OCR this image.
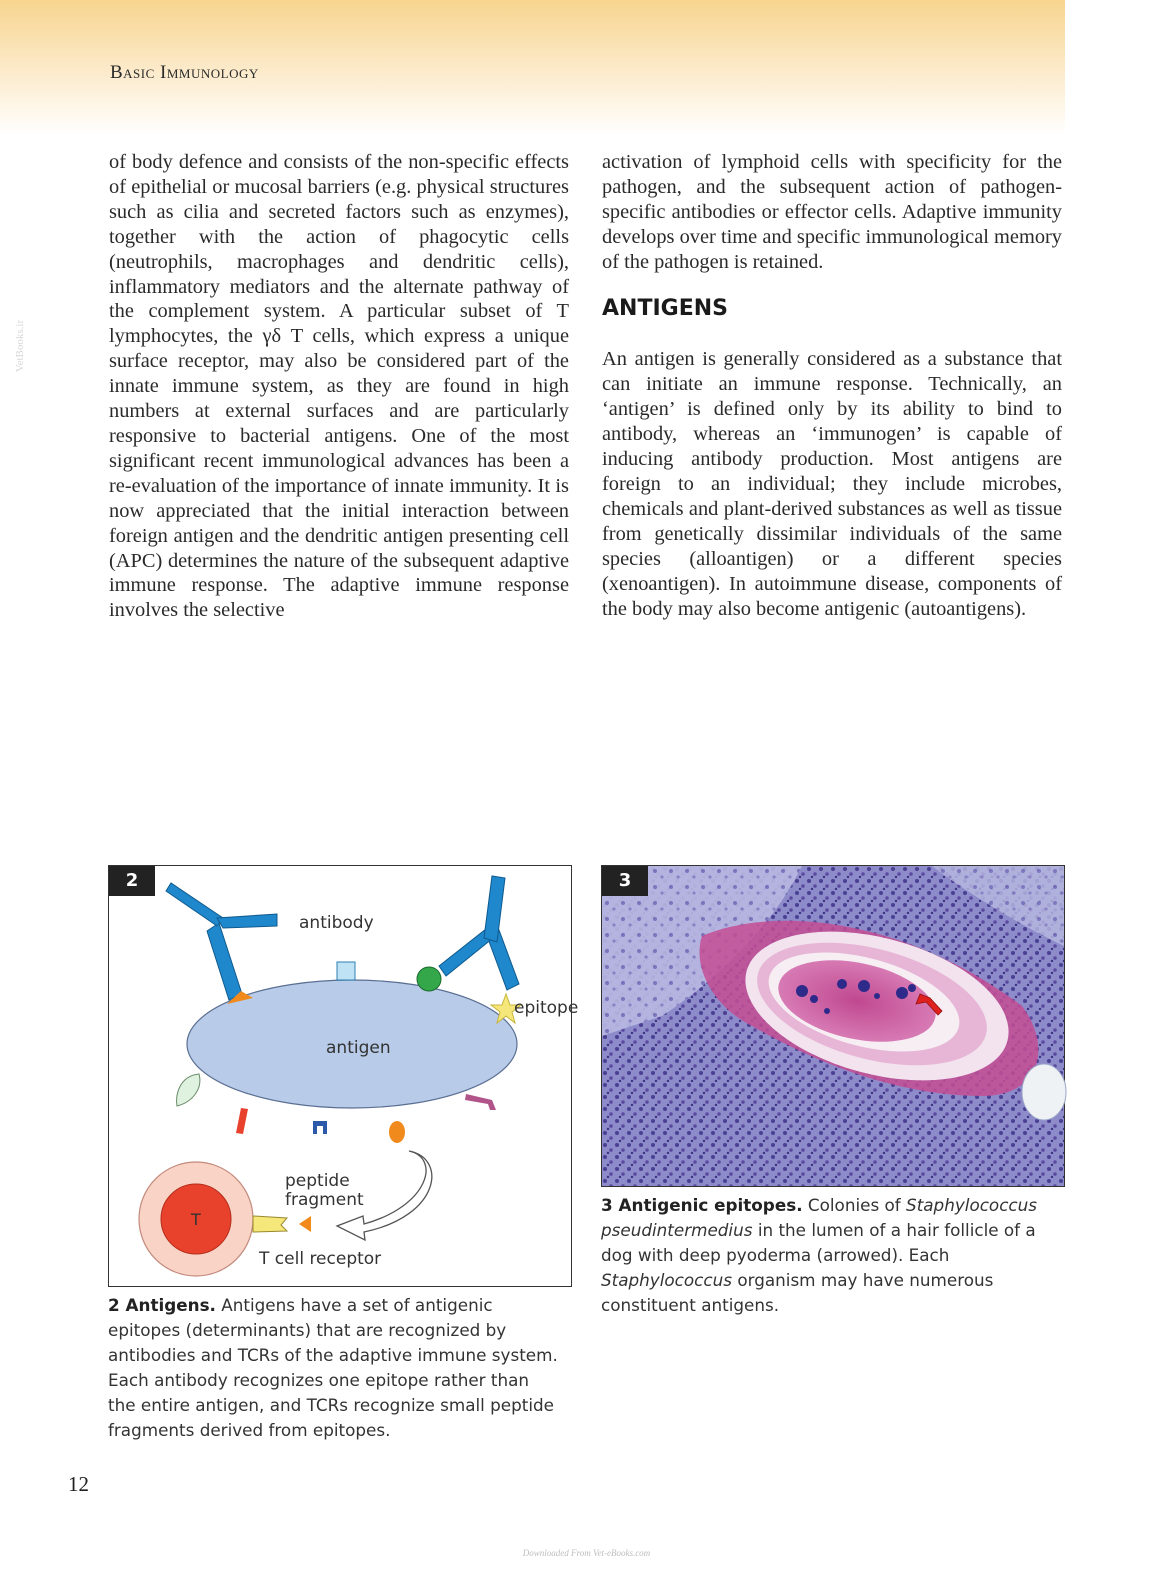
Basic Immunology
VetBooks.ir

of body defence and consists of the non-specific effects of epithelial or mucosal barriers (e.g. physical structures such as cilia and secreted factors such as enzymes), together with the action of phagocytic cells (neutrophils, macrophages and dendritic cells), inflammatory mediators and the alternate pathway of the complement system. A particular subset of T lymphocytes, the γδ T cells, which express a unique surface receptor, may also be considered part of the innate immune system, as they are found in high numbers at external surfaces and are particularly responsive to bacterial antigens. One of the most significant recent immunological advances has been a re-evaluation of the importance of innate immunity. It is now appreciated that the initial interaction between foreign antigen and the dendritic antigen presenting cell (APC) determines the nature of the subsequent adaptive immune response. The adaptive immune response involves the selective

activation of lymphoid cells with specificity for the pathogen, and the subsequent action of pathogen-specific antibodies or effector cells. Adaptive immunity develops over time and specific immunological memory of the pathogen is retained.

ANTIGENS

An antigen is generally considered as a substance that can initiate an immune response. Technically, an ‘antigen’ is defined only by its ability to bind to antibody, whereas an ‘immunogen’ is capable of inducing antibody production. Most antigens are foreign to an individual; they include microbes, chemicals and plant-derived substances as well as tissue from genetically dissimilar individuals of the same species (alloantigen) or a different species (xenoantigen). In autoimmune disease, components of the body may also become antigenic (autoantigens).

2
antibody
epitope
antigen
peptide
fragment
T
T cell receptor
2 Antigens. Antigens have a set of antigenic epitopes (determinants) that are recognized by antibodies and TCRs of the adaptive immune system. Each antibody recognizes one epitope rather than the entire antigen, and TCRs recognize small peptide fragments derived from epitopes.
3
3 Antigenic epitopes. Colonies of Staphylococcus pseudintermedius in the lumen of a hair follicle of a dog with deep pyoderma (arrowed). Each Staphylococcus organism may have numerous constituent antigens.
12
Downloaded From Vet-eBooks.com
